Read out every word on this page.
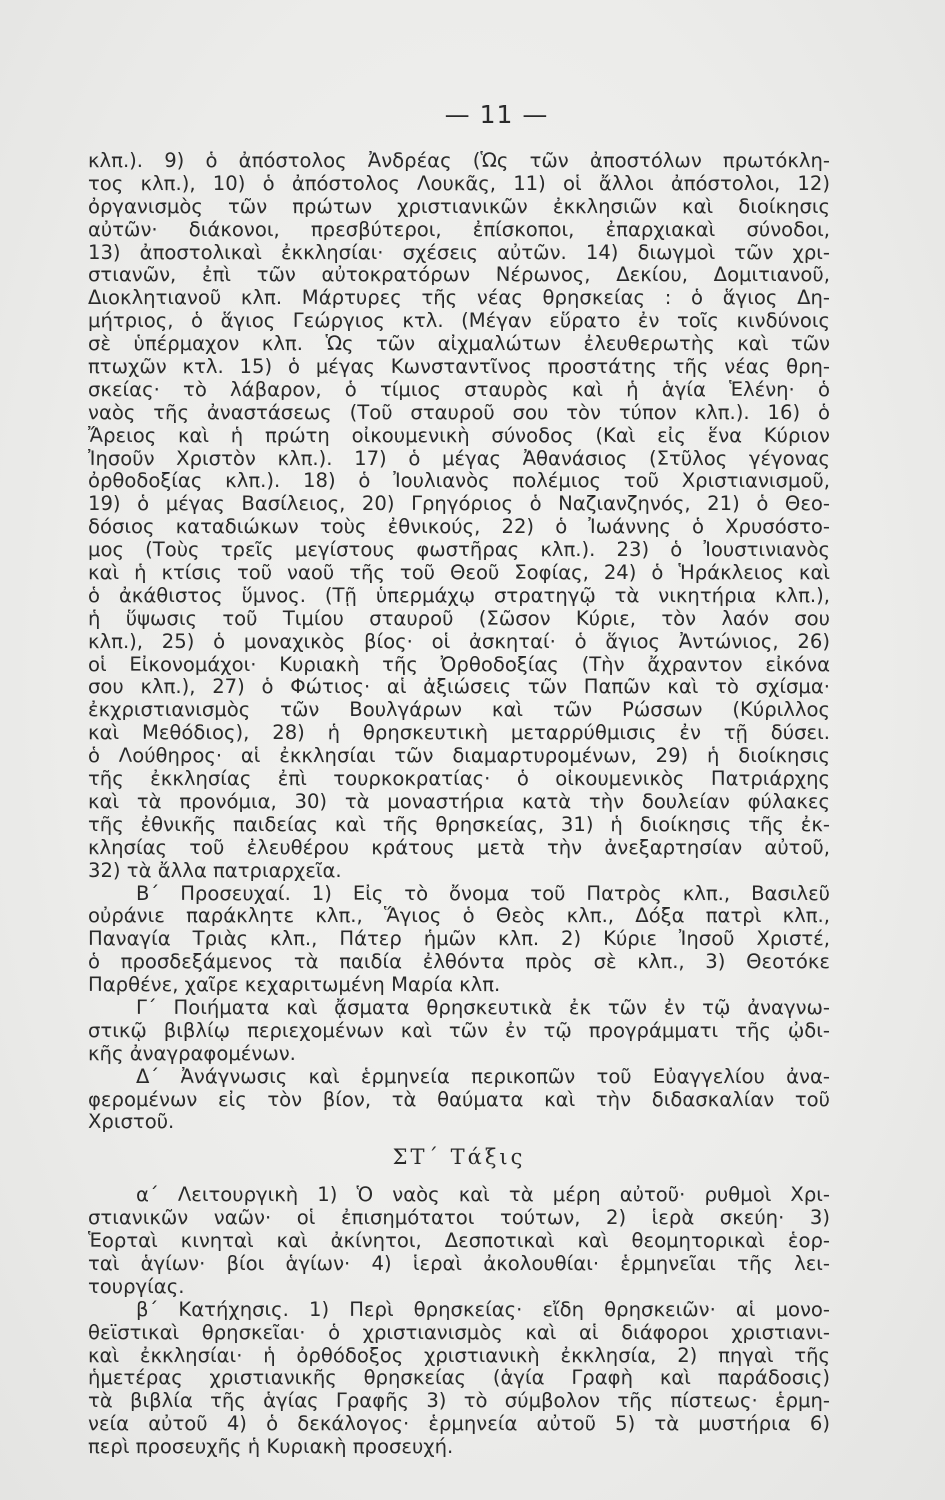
— 11 —
κλπ.). 9) ὁ ἀπόστολος Ἀνδρέας (Ὡς τῶν ἀποστόλων πρωτόκλη-
τος κλπ.), 10) ὁ ἀπόστολος Λουκᾶς, 11) οἱ ἄλλοι ἀπόστολοι, 12)
ὀργανισμὸς τῶν πρώτων χριστιανικῶν ἐκκλησιῶν καὶ διοίκησις
αὐτῶν· διάκονοι, πρεσβύτεροι, ἐπίσκοποι, ἐπαρχιακαὶ σύνοδοι,
13) ἀποστολικαὶ ἐκκλησίαι· σχέσεις αὐτῶν. 14) διωγμοὶ τῶν χρι-
στιανῶν, ἐπὶ τῶν αὐτοκρατόρων Νέρωνος, Δεκίου, Δομιτιανοῦ,
Διοκλητιανοῦ κλπ. Μάρτυρες τῆς νέας θρησκείας : ὁ ἅγιος Δη-
μήτριος, ὁ ἅγιος Γεώργιος κτλ. (Μέγαν εὕρατο ἐν τοῖς κινδύνοις
σὲ ὑπέρμαχον κλπ. Ὡς τῶν αἰχμαλώτων ἐλευθερωτὴς καὶ τῶν
πτωχῶν κτλ. 15) ὁ μέγας Κωνσταντῖνος προστάτης τῆς νέας θρη-
σκείας· τὸ λάβαρον, ὁ τίμιος σταυρὸς καὶ ἡ ἁγία Ἑλένη· ὁ
ναὸς τῆς ἀναστάσεως (Τοῦ σταυροῦ σου τὸν τύπον κλπ.). 16) ὁ
Ἄρειος καὶ ἡ πρώτη οἰκουμενικὴ σύνοδος (Καὶ εἰς ἕνα Κύριον
Ἰησοῦν Χριστὸν κλπ.). 17) ὁ μέγας Ἀθανάσιος (Στῦλος γέγονας
ὀρθοδοξίας κλπ.). 18) ὁ Ἰουλιανὸς πολέμιος τοῦ Χριστιανισμοῦ,
19) ὁ μέγας Βασίλειος, 20) Γρηγόριος ὁ Ναζιανζηνός, 21) ὁ Θεο-
δόσιος καταδιώκων τοὺς ἐθνικούς, 22) ὁ Ἰωάννης ὁ Χρυσόστο-
μος (Τοὺς τρεῖς μεγίστους φωστῆρας κλπ.). 23) ὁ Ἰουστινιανὸς
καὶ ἡ κτίσις τοῦ ναοῦ τῆς τοῦ Θεοῦ Σοφίας, 24) ὁ Ἡράκλειος καὶ
ὁ ἀκάθιστος ὕμνος. (Τῇ ὑπερμάχῳ στρατηγῷ τὰ νικητήρια κλπ.),
ἡ ὕψωσις τοῦ Τιμίου σταυροῦ (Σῶσον Κύριε, τὸν λαόν σου
κλπ.), 25) ὁ μοναχικὸς βίος· οἱ ἀσκηταί· ὁ ἅγιος Ἀντώνιος, 26)
οἱ Εἰκονομάχοι· Κυριακὴ τῆς Ὀρθοδοξίας (Τὴν ἄχραντον εἰκόνα
σου κλπ.), 27) ὁ Φώτιος· αἱ ἀξιώσεις τῶν Παπῶν καὶ τὸ σχίσμα·
ἐκχριστιανισμὸς τῶν Βουλγάρων καὶ τῶν Ρώσσων (Κύριλλος
καὶ Μεθόδιος), 28) ἡ θρησκευτικὴ μεταρρύθμισις ἐν τῇ δύσει.
ὁ Λούθηρος· αἱ ἐκκλησίαι τῶν διαμαρτυρομένων, 29) ἡ διοίκησις
τῆς ἐκκλησίας ἐπὶ τουρκοκρατίας· ὁ οἰκουμενικὸς Πατριάρχης
καὶ τὰ προνόμια, 30) τὰ μοναστήρια κατὰ τὴν δουλείαν φύλακες
τῆς ἐθνικῆς παιδείας καὶ τῆς θρησκείας, 31) ἡ διοίκησις τῆς ἐκ-
κλησίας τοῦ ἐλευθέρου κράτους μετὰ τὴν ἀνεξαρτησίαν αὐτοῦ,
32) τὰ ἄλλα πατριαρχεῖα.
Β΄ Προσευχαί. 1) Εἰς τὸ ὄνομα τοῦ Πατρὸς κλπ., Βασιλεῦ
οὐράνιε παράκλητε κλπ., Ἅγιος ὁ Θεὸς κλπ., Δόξα πατρὶ κλπ.,
Παναγία Τριὰς κλπ., Πάτερ ἡμῶν κλπ. 2) Κύριε Ἰησοῦ Χριστέ,
ὁ προσδεξάμενος τὰ παιδία ἐλθόντα πρὸς σὲ κλπ., 3) Θεοτόκε
Παρθένε, χαῖρε κεχαριτωμένη Μαρία κλπ.
Γ΄ Ποιήματα καὶ ᾄσματα θρησκευτικὰ ἐκ τῶν ἐν τῷ ἀναγνω-
στικῷ βιβλίῳ περιεχομένων καὶ τῶν ἐν τῷ προγράμματι τῆς ᾠδι-
κῆς ἀναγραφομένων.
Δ΄ Ἀνάγνωσις καὶ ἑρμηνεία περικοπῶν τοῦ Εὐαγγελίου ἀνα-
φερομένων εἰς τὸν βίον, τὰ θαύματα καὶ τὴν διδασκαλίαν τοῦ
Χριστοῦ.
ΣΤ΄ Τάξις
α΄ Λειτουργικὴ 1) Ὁ ναὸς καὶ τὰ μέρη αὐτοῦ· ρυθμοὶ Χρι-
στιανικῶν ναῶν· οἱ ἐπισημότατοι τούτων, 2) ἱερὰ σκεύη· 3)
Ἑορταὶ κινηταὶ καὶ ἀκίνητοι, Δεσποτικαὶ καὶ θεομητορικαὶ ἑορ-
ταὶ ἁγίων· βίοι ἁγίων· 4) ἱεραὶ ἀκολουθίαι· ἑρμηνεῖαι τῆς λει-
τουργίας.
β΄ Κατήχησις. 1) Περὶ θρησκείας· εἴδη θρησκειῶν· αἱ μονο-
θεϊστικαὶ θρησκεῖαι· ὁ χριστιανισμὸς καὶ αἱ διάφοροι χριστιανι-
καὶ ἐκκλησίαι· ἡ ὀρθόδοξος χριστιανικὴ ἐκκλησία, 2) πηγαὶ τῆς
ἡμετέρας χριστιανικῆς θρησκείας (ἁγία Γραφὴ καὶ παράδοσις)
τὰ βιβλία τῆς ἁγίας Γραφῆς 3) τὸ σύμβολον τῆς πίστεως· ἑρμη-
νεία αὐτοῦ 4) ὁ δεκάλογος· ἑρμηνεία αὐτοῦ 5) τὰ μυστήρια 6)
περὶ προσευχῆς ἡ Κυριακὴ προσευχή.
